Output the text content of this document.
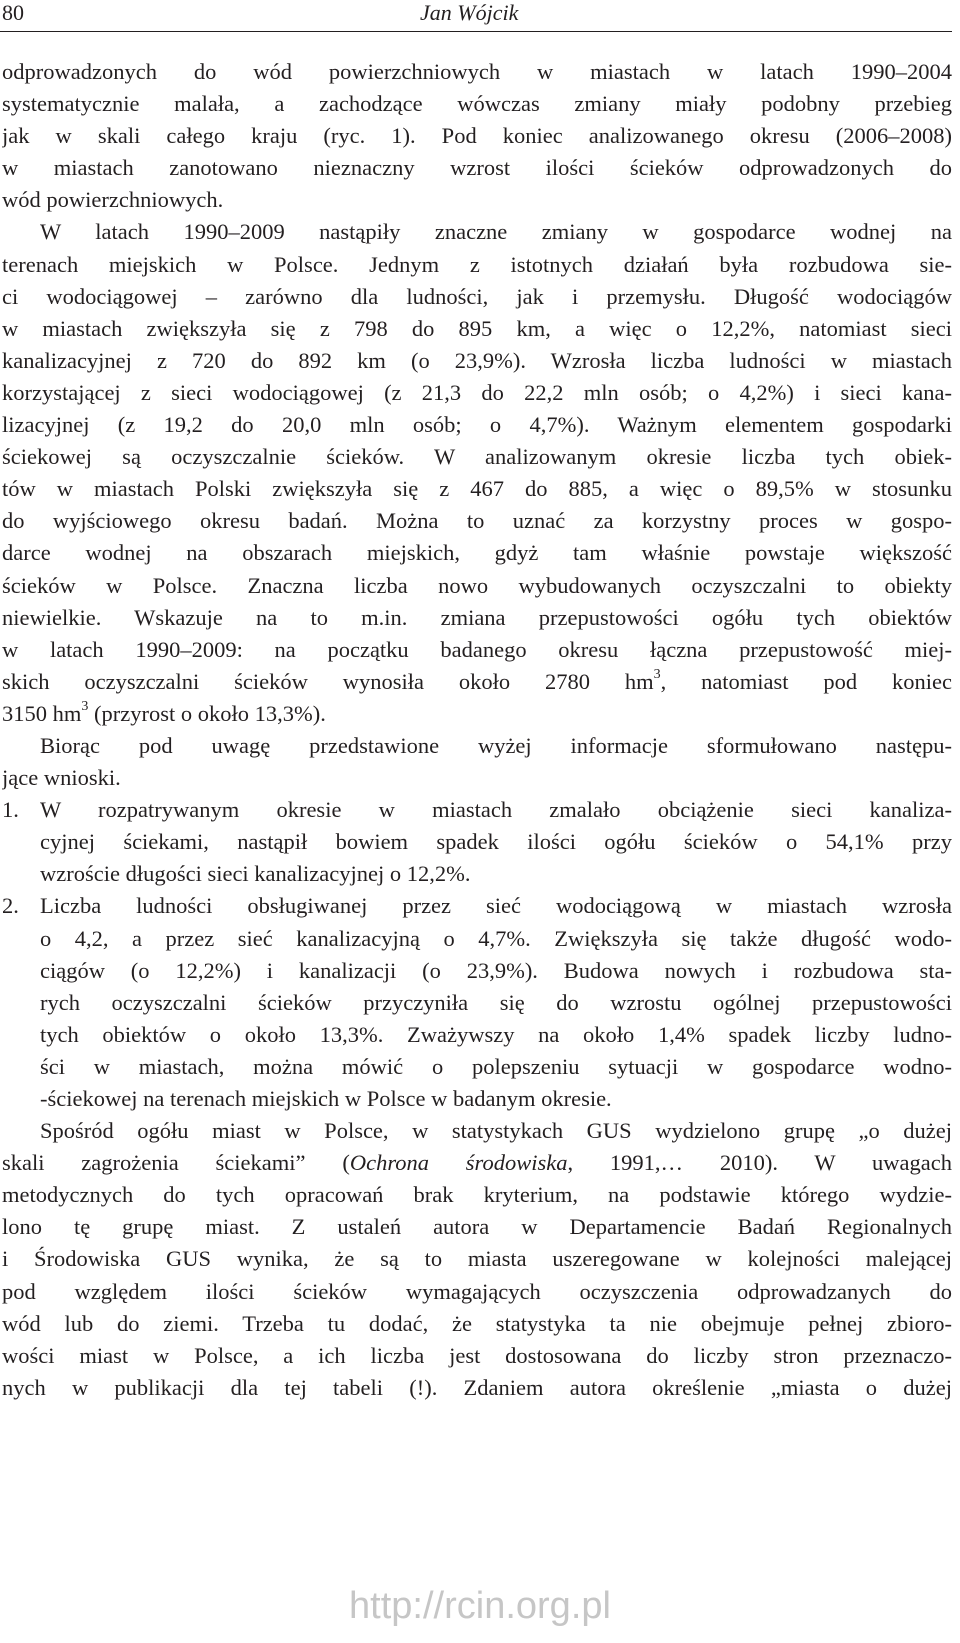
80	Jan Wójcik
odprowadzonych do wód powierzchniowych w miastach w latach 1990–2004
systematycznie malała, a zachodzące wówczas zmiany miały podobny przebieg
jak w skali całego kraju (ryc. 1). Pod koniec analizowanego okresu (2006–2008)
w miastach zanotowano nieznaczny wzrost ilości ścieków odprowadzonych do
wód powierzchniowych.
W latach 1990–2009 nastąpiły znaczne zmiany w gospodarce wodnej na
terenach miejskich w Polsce. Jednym z istotnych działań była rozbudowa sie-
ci wodociągowej – zarówno dla ludności, jak i przemysłu. Długość wodociągów
w miastach zwiększyła się z 798 do 895 km, a więc o 12,2%, natomiast sieci
kanalizacyjnej z 720 do 892 km (o 23,9%). Wzrosła liczba ludności w miastach
korzystającej z sieci wodociągowej (z 21,3 do 22,2 mln osób; o 4,2%) i sieci kana-
lizacyjnej (z 19,2 do 20,0 mln osób; o 4,7%). Ważnym elementem gospodarki
ściekowej są oczyszczalnie ścieków. W analizowanym okresie liczba tych obiek-
tów w miastach Polski zwiększyła się z 467 do 885, a więc o 89,5% w stosunku
do wyjściowego okresu badań. Można to uznać za korzystny proces w gospo-
darce wodnej na obszarach miejskich, gdyż tam właśnie powstaje większość
ścieków w Polsce. Znaczna liczba nowo wybudowanych oczyszczalni to obiekty
niewielkie. Wskazuje na to m.in. zmiana przepustowości ogółu tych obiektów
w latach 1990–2009: na początku badanego okresu łączna przepustowość miej-
skich oczyszczalni ścieków wynosiła około 2780 $hm^3$, natomiast pod koniec
3150 $hm^3$ (przyrost o około 13,3%).
Biorąc pod uwagę przedstawione wyżej informacje sformułowano następu-
jące wnioski.
1. W rozpatrywanym okresie w miastach zmalało obciążenie sieci kanaliza-
cyjnej ściekami, nastąpił bowiem spadek ilości ogółu ścieków o 54,1% przy
wzroście długości sieci kanalizacyjnej o 12,2%.
2. Liczba ludności obsługiwanej przez sieć wodociągową w miastach wzrosła
o 4,2, a przez sieć kanalizacyjną o 4,7%. Zwiększyła się także długość wodo-
ciągów (o 12,2%) i kanalizacji (o 23,9%). Budowa nowych i rozbudowa sta-
rych oczyszczalni ścieków przyczyniła się do wzrostu ogólnej przepustowości
tych obiektów o około 13,3%. Zważywszy na około 1,4% spadek liczby ludno-
ści w miastach, można mówić o polepszeniu sytuacji w gospodarce wodno-
-ściekowej na terenach miejskich w Polsce w badanym okresie.
Spośród ogółu miast w Polsce, w statystykach GUS wydzielono grupę „o dużej
skali zagrożenia ściekami” (Ochrona środowiska, 1991,… 2010). W uwagach
metodycznych do tych opracowań brak kryterium, na podstawie którego wydzie-
lono tę grupę miast. Z ustaleń autora w Departamencie Badań Regionalnych
i Środowiska GUS wynika, że są to miasta uszeregowane w kolejności malejącej
pod względem ilości ścieków wymagających oczyszczenia odprowadzanych do
wód lub do ziemi. Trzeba tu dodać, że statystyka ta nie obejmuje pełnej zbioro-
wości miast w Polsce, a ich liczba jest dostosowana do liczby stron przeznaczo-
nych w publikacji dla tej tabeli (!). Zdaniem autora określenie „miasta o dużej
http://rcin.org.pl
